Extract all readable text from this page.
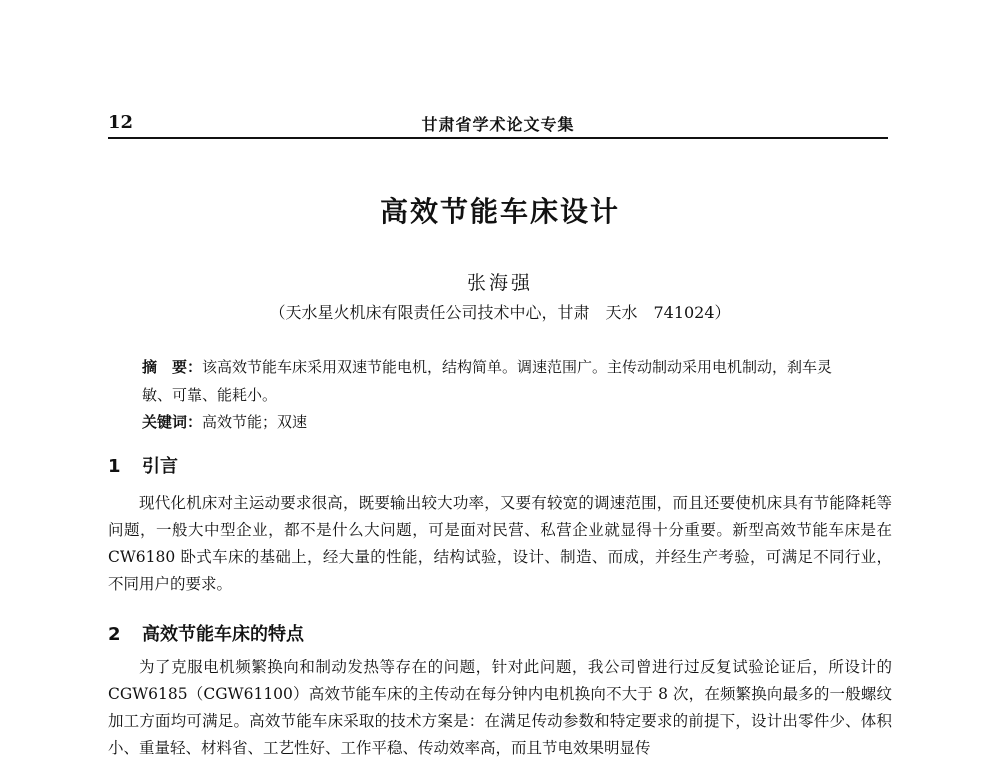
12	甘肃省学术论文专集
高效节能车床设计
张海强
（天水星火机床有限责任公司技术中心，甘肃　天水　741024）
摘　要：该高效节能车床采用双速节能电机，结构简单。调速范围广。主传动制动采用电机制动，刹车灵敏、可靠、能耗小。
关键词：高效节能；双速
1 引言

现代化机床对主运动要求很高，既要输出较大功率，又要有较宽的调速范围，而且还要使机床具有节能降耗等问题，一般大中型企业，都不是什么大问题，可是面对民营、私营企业就显得十分重要。新型高效节能车床是在 CW6180 卧式车床的基础上，经大量的性能，结构试验，设计、制造、而成，并经生产考验，可满足不同行业，不同用户的要求。

2 高效节能车床的特点

为了克服电机频繁换向和制动发热等存在的问题，针对此问题，我公司曾进行过反复试验论证后，所设计的 CGW6185（CGW61100）高效节能车床的主传动在每分钟内电机换向不大于 8 次，在频繁换向最多的一般螺纹加工方面均可满足。高效节能车床采取的技术方案是：在满足传动参数和特定要求的前提下，设计出零件少、体积小、重量轻、材料省、工艺性好、工作平稳、传动效率高，而且节电效果明显传
